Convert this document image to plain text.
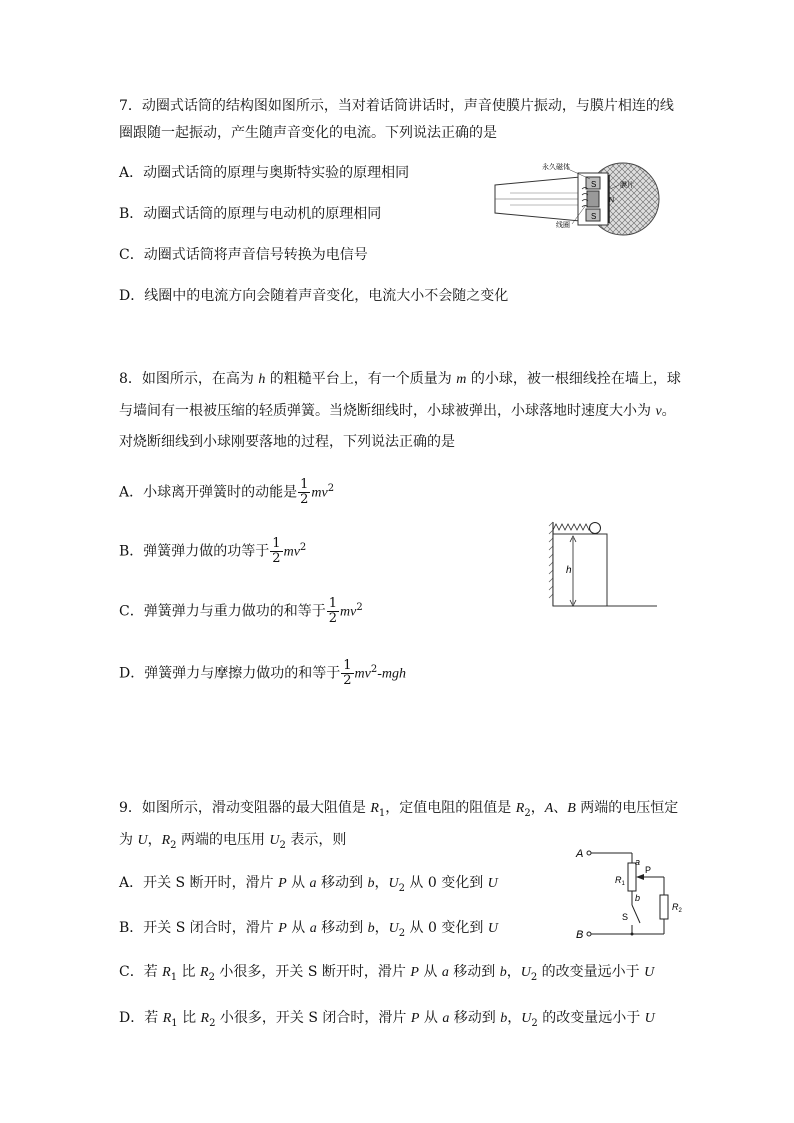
7．动圈式话筒的结构图如图所示，当对着话筒讲话时，声音使膜片振动，与膜片相连的线
圈跟随一起振动，产生随声音变化的电流。下列说法正确的是
A．动圈式话筒的原理与奥斯特实验的原理相同
B．动圈式话筒的原理与电动机的原理相同
C．动圈式话筒将声音信号转换为电信号
D．线圈中的电流方向会随着声音变化，电流大小不会随之变化
S
N
S
永久磁体
膜片
线圈
8．如图所示，在高为 h 的粗糙平台上，有一个质量为 m 的小球，被一根细线拴在墙上，球
与墙间有一根被压缩的轻质弹簧。当烧断细线时，小球被弹出，小球落地时速度大小为 v。
对烧断细线到小球刚要落地的过程，下列说法正确的是
A．小球离开弹簧时的动能是 $\frac{1}{2} mv^2$
B．弹簧弹力做的功等于 $\frac{1}{2} mv^2$
C．弹簧弹力与重力做功的和等于 $\frac{1}{2} mv^2$
D．弹簧弹力与摩擦力做功的和等于 $\frac{1}{2} mv^2-mgh$
h
9．如图所示，滑动变阻器的最大阻值是 $R_1$，定值电阻的阻值是 $R_2$，A、B 两端的电压恒定
为 U，$R_2$ 两端的电压用 $U_2$ 表示，则
A．开关 S 断开时，滑片 P 从 a 移动到 b，$U_2$ 从 0 变化到 U
B．开关 S 闭合时，滑片 P 从 a 移动到 b，$U_2$ 从 0 变化到 U
C．若 $R_1$ 比 $R_2$ 小很多，开关 S 断开时，滑片 P 从 a 移动到 b，$U_2$ 的改变量远小于 U
D．若 $R_1$ 比 $R_2$ 小很多，开关 S 闭合时，滑片 P 从 a 移动到 b，$U_2$ 的改变量远小于 U
A
a
b
$R_1$
P
$R_2$
S
B
